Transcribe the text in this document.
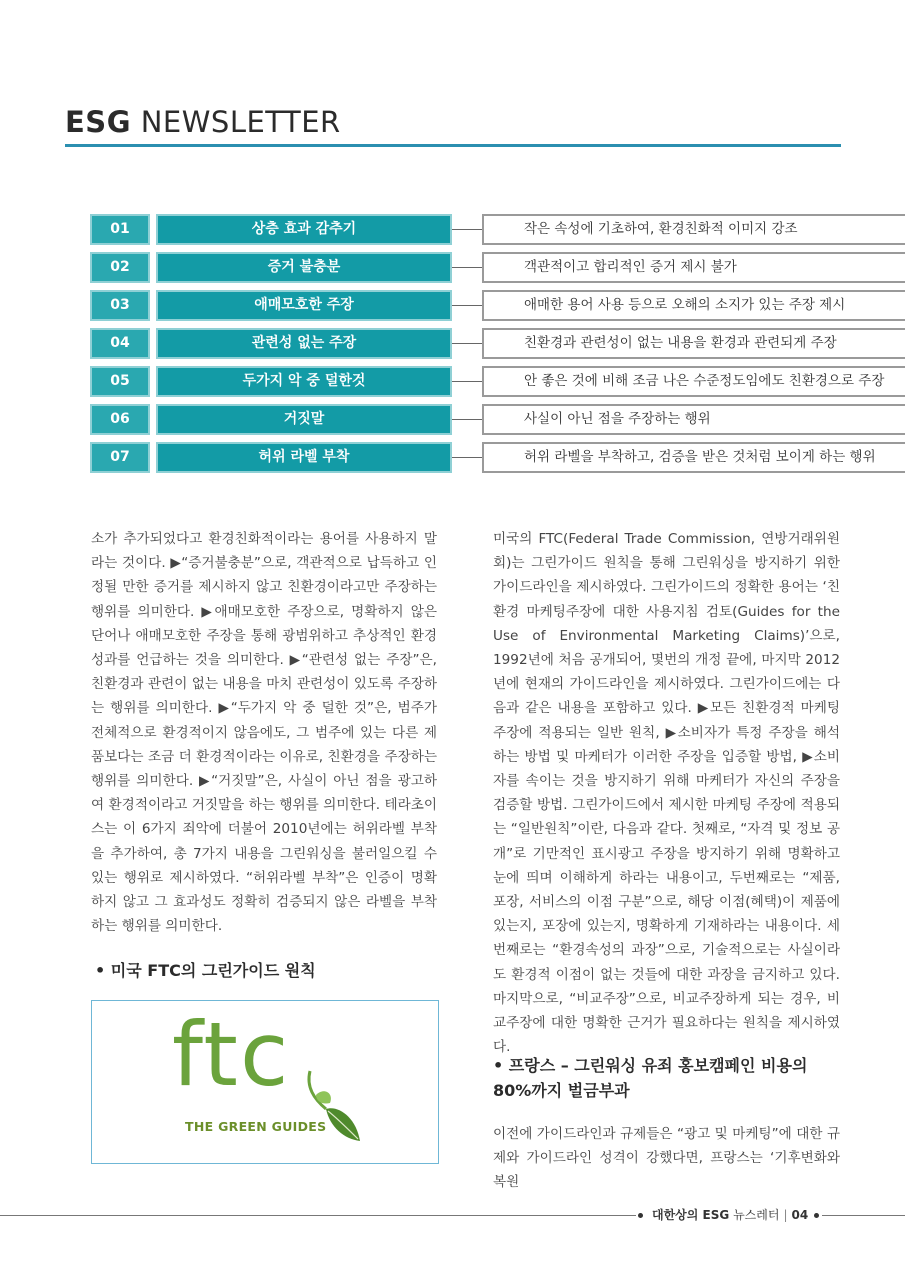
ESG NEWSLETTER
01	상층 효과 감추기	작은 속성에 기초하여, 환경친화적 이미지 강조
02	증거 불충분	객관적이고 합리적인 증거 제시 불가
03	애매모호한 주장	애매한 용어 사용 등으로 오해의 소지가 있는 주장 제시
04	관련성 없는 주장	친환경과 관련성이 없는 내용을 환경과 관련되게 주장
05	두가지 악 중 덜한것	안 좋은 것에 비해 조금 나은 수준정도임에도 친환경으로 주장
06	거짓말	사실이 아닌 점을 주장하는 행위
07	허위 라벨 부착	허위 라벨을 부착하고, 검증을 받은 것처럼 보이게 하는 행위

소가 추가되었다고 환경친화적이라는 용어를 사용하지 말라는 것이다. ▶“증거불충분”으로, 객관적으로 납득하고 인정될 만한 증거를 제시하지 않고 친환경이라고만 주장하는 행위를 의미한다. ▶애매모호한 주장으로, 명확하지 않은 단어나 애매모호한 주장을 통해 광범위하고 추상적인 환경성과를 언급하는 것을 의미한다. ▶“관련성 없는 주장”은, 친환경과 관련이 없는 내용을 마치 관련성이 있도록 주장하는 행위를 의미한다. ▶“두가지 악 중 덜한 것”은, 범주가 전체적으로 환경적이지 않음에도, 그 범주에 있는 다른 제품보다는 조금 더 환경적이라는 이유로, 친환경을 주장하는 행위를 의미한다. ▶“거짓말”은, 사실이 아닌 점을 광고하여 환경적이라고 거짓말을 하는 행위를 의미한다. 테라초이스는 이 6가지 죄악에 더불어 2010년에는 허위라벨 부착을 추가하여, 총 7가지 내용을 그린워싱을 불러일으킬 수 있는 행위로 제시하였다. “허위라벨 부착”은 인증이 명확하지 않고 그 효과성도 정확히 검증되지 않은 라벨을 부착하는 행위를 의미한다.

• 미국 FTC의 그린가이드 원칙
ftc
THE GREEN GUIDES

미국의 FTC(Federal Trade Commission, 연방거래위원회)는 그린가이드 원칙을 통해 그린워싱을 방지하기 위한 가이드라인을 제시하였다. 그린가이드의 정확한 용어는 ‘친환경 마케팅주장에 대한 사용지침 검토(Guides for the Use of Environmental Marketing Claims)’으로, 1992년에 처음 공개되어, 몇번의 개정 끝에, 마지막 2012년에 현재의 가이드라인을 제시하였다. 그린가이드에는 다음과 같은 내용을 포함하고 있다. ▶모든 친환경적 마케팅 주장에 적용되는 일반 원칙, ▶소비자가 특정 주장을 해석하는 방법 및 마케터가 이러한 주장을 입증할 방법, ▶소비자를 속이는 것을 방지하기 위해 마케터가 자신의 주장을 검증할 방법. 그린가이드에서 제시한 마케팅 주장에 적용되는 “일반원칙”이란, 다음과 같다. 첫째로, “자격 및 정보 공개”로 기만적인 표시광고 주장을 방지하기 위해 명확하고 눈에 띄며 이해하게 하라는 내용이고, 두번째로는 “제품, 포장, 서비스의 이점 구분”으로, 해당 이점(혜택)이 제품에 있는지, 포장에 있는지, 명확하게 기재하라는 내용이다. 세번째로는 “환경속성의 과장”으로, 기술적으로는 사실이라도 환경적 이점이 없는 것들에 대한 과장을 금지하고 있다. 마지막으로, “비교주장”으로, 비교주장하게 되는 경우, 비교주장에 대한 명확한 근거가 필요하다는 원칙을 제시하였다.

• 프랑스 – 그린워싱 유죄 홍보캠페인 비용의 80%까지 벌금부과

이전에 가이드라인과 규제들은 “광고 및 마케팅”에 대한 규제와 가이드라인 성격이 강했다면, 프랑스는 ‘기후변화와 복원

대한상의 ESG 뉴스레터 | 04
